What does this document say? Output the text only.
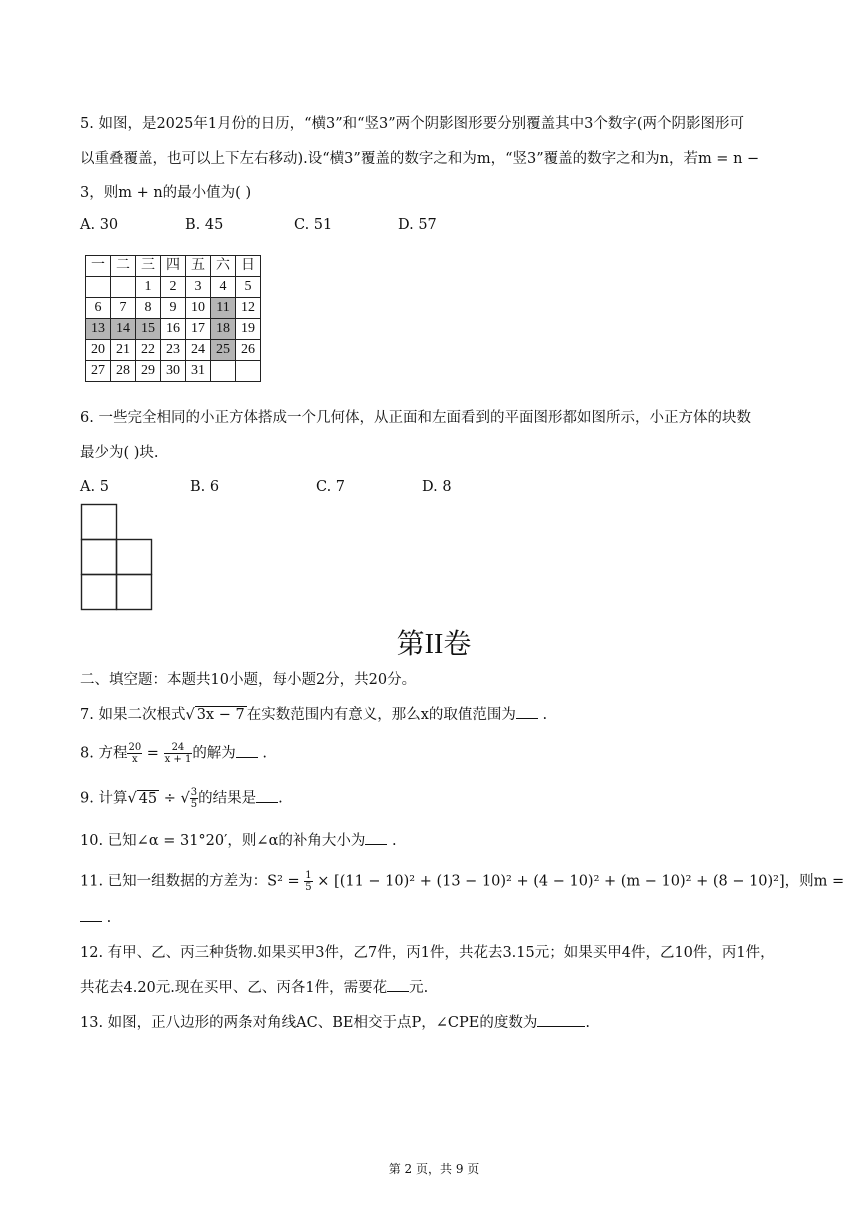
5. 如图，是2025年1月份的日历，“横3”和“竖3”两个阴影图形要分别覆盖其中3个数字(两个阴影图形可
以重叠覆盖，也可以上下左右移动).设“横3”覆盖的数字之和为m，“竖3”覆盖的数字之和为n，若m = n −
3，则m + n的最小值为( )
A. 30	B. 45	C. 51	D. 57
一	二	三	四	五	六	日
		1	2	3	4	5
6	7	8	9	10	11	12
13	14	15	16	17	18	19
20	21	22	23	24	25	26
27	28	29	30	31		
6. 一些完全相同的小正方体搭成一个几何体，从正面和左面看到的平面图形都如图所示，小正方体的块数
最少为( )块.
A. 5	B. 6	C. 7	D. 8
第II卷
二、填空题：本题共10小题，每小题2分，共20分。
7. 如果二次根式√ 3x − 7 在实数范围内有意义，那么x的取值范围为 .
8. 方程 $\frac{20}{x} = \frac{24}{x + 1}$ 的解为 .
9. 计算√ 45 ÷ √ $\frac{3}{5}$ 的结果是 .
10. 已知∠α = 31°20′，则∠α的补角大小为 .
11. 已知一组数据的方差为：$S^2 = \frac{1}{5} \times [(11 - 10)^2 + (13 - 10)^2 + (4 - 10)^2 + (m - 10)^2 + (8 - 10)^2]$，则m =
.
12. 有甲、乙、丙三种货物.如果买甲3件，乙7件，丙1件，共花去3.15元；如果买甲4件，乙10件，丙1件，
共花去4.20元.现在买甲、乙、丙各1件，需要花 元.
13. 如图，正八边形的两条对角线AC、BE相交于点P，∠CPE的度数为	.
第 2 页，共 9 页
